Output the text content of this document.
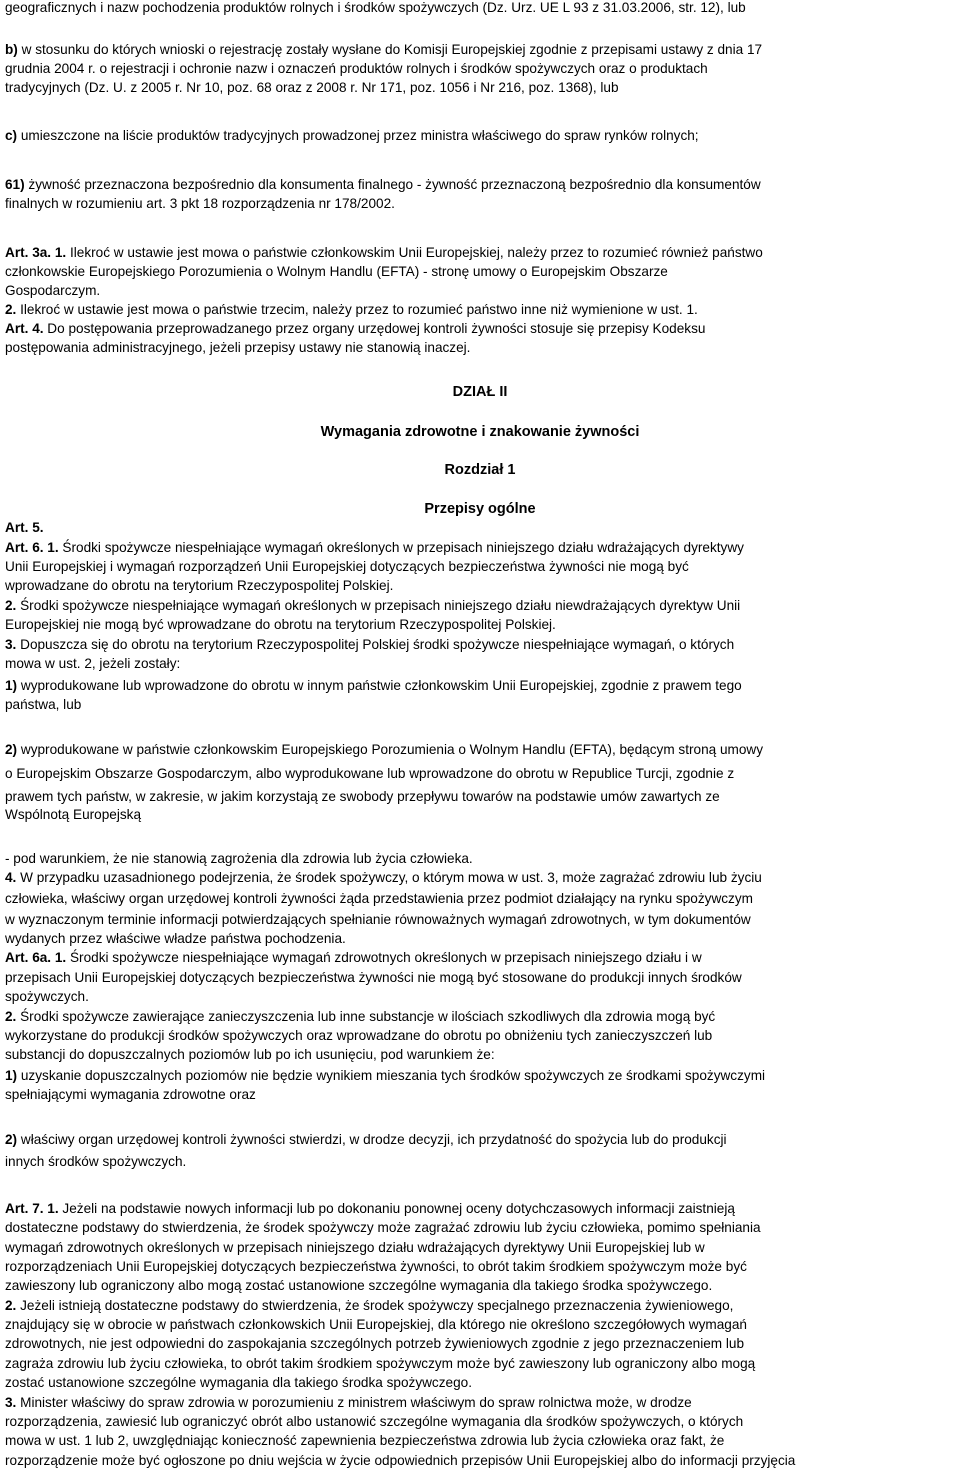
geograficznych i nazw pochodzenia produktów rolnych i środków spożywczych (Dz. Urz. UE L 93 z 31.03.2006, str. 12), lub
b) w stosunku do których wnioski o rejestrację zostały wysłane do Komisji Europejskiej zgodnie z przepisami ustawy z dnia 17
grudnia 2004 r. o rejestracji i ochronie nazw i oznaczeń produktów rolnych i środków spożywczych oraz o produktach
tradycyjnych (Dz. U. z 2005 r. Nr 10, poz. 68 oraz z 2008 r. Nr 171, poz. 1056 i Nr 216, poz. 1368), lub
c) umieszczone na liście produktów tradycyjnych prowadzonej przez ministra właściwego do spraw rynków rolnych;
61) żywność przeznaczona bezpośrednio dla konsumenta finalnego - żywność przeznaczoną bezpośrednio dla konsumentów
finalnych w rozumieniu art. 3 pkt 18 rozporządzenia nr 178/2002.
Art. 3a. 1. Ilekroć w ustawie jest mowa o państwie członkowskim Unii Europejskiej, należy przez to rozumieć również państwo
członkowskie Europejskiego Porozumienia o Wolnym Handlu (EFTA) - stronę umowy o Europejskim Obszarze
Gospodarczym.
2. Ilekroć w ustawie jest mowa o państwie trzecim, należy przez to rozumieć państwo inne niż wymienione w ust. 1.
Art. 4. Do postępowania przeprowadzanego przez organy urzędowej kontroli żywności stosuje się przepisy Kodeksu
postępowania administracyjnego, jeżeli przepisy ustawy nie stanowią inaczej.
DZIAŁ II
Wymagania zdrowotne i znakowanie żywności
Rozdział 1
Przepisy ogólne
Art. 5.
Art. 6. 1. Środki spożywcze niespełniające wymagań określonych w przepisach niniejszego działu wdrażających dyrektywy
Unii Europejskiej i wymagań rozporządzeń Unii Europejskiej dotyczących bezpieczeństwa żywności nie mogą być
wprowadzane do obrotu na terytorium Rzeczypospolitej Polskiej.
2. Środki spożywcze niespełniające wymagań określonych w przepisach niniejszego działu niewdrażających dyrektyw Unii
Europejskiej nie mogą być wprowadzane do obrotu na terytorium Rzeczypospolitej Polskiej.
3. Dopuszcza się do obrotu na terytorium Rzeczypospolitej Polskiej środki spożywcze niespełniające wymagań, o których
mowa w ust. 2, jeżeli zostały:
1) wyprodukowane lub wprowadzone do obrotu w innym państwie członkowskim Unii Europejskiej, zgodnie z prawem tego
państwa, lub
2) wyprodukowane w państwie członkowskim Europejskiego Porozumienia o Wolnym Handlu (EFTA), będącym stroną umowy
o Europejskim Obszarze Gospodarczym, albo wyprodukowane lub wprowadzone do obrotu w Republice Turcji, zgodnie z
prawem tych państw, w zakresie, w jakim korzystają ze swobody przepływu towarów na podstawie umów zawartych ze
Wspólnotą Europejską
- pod warunkiem, że nie stanowią zagrożenia dla zdrowia lub życia człowieka.
4. W przypadku uzasadnionego podejrzenia, że środek spożywczy, o którym mowa w ust. 3, może zagrażać zdrowiu lub życiu
człowieka, właściwy organ urzędowej kontroli żywności żąda przedstawienia przez podmiot działający na rynku spożywczym
w wyznaczonym terminie informacji potwierdzających spełnianie równoważnych wymagań zdrowotnych, w tym dokumentów
wydanych przez właściwe władze państwa pochodzenia.
Art. 6a. 1. Środki spożywcze niespełniające wymagań zdrowotnych określonych w przepisach niniejszego działu i w
przepisach Unii Europejskiej dotyczących bezpieczeństwa żywności nie mogą być stosowane do produkcji innych środków
spożywczych.
2. Środki spożywcze zawierające zanieczyszczenia lub inne substancje w ilościach szkodliwych dla zdrowia mogą być
wykorzystane do produkcji środków spożywczych oraz wprowadzane do obrotu po obniżeniu tych zanieczyszczeń lub
substancji do dopuszczalnych poziomów lub po ich usunięciu, pod warunkiem że:
1) uzyskanie dopuszczalnych poziomów nie będzie wynikiem mieszania tych środków spożywczych ze środkami spożywczymi
spełniającymi wymagania zdrowotne oraz
2) właściwy organ urzędowej kontroli żywności stwierdzi, w drodze decyzji, ich przydatność do spożycia lub do produkcji
innych środków spożywczych.
Art. 7. 1. Jeżeli na podstawie nowych informacji lub po dokonaniu ponownej oceny dotychczasowych informacji zaistnieją
dostateczne podstawy do stwierdzenia, że środek spożywczy może zagrażać zdrowiu lub życiu człowieka, pomimo spełniania
wymagań zdrowotnych określonych w przepisach niniejszego działu wdrażających dyrektywy Unii Europejskiej lub w
rozporządzeniach Unii Europejskiej dotyczących bezpieczeństwa żywności, to obrót takim środkiem spożywczym może być
zawieszony lub ograniczony albo mogą zostać ustanowione szczególne wymagania dla takiego środka spożywczego.
2. Jeżeli istnieją dostateczne podstawy do stwierdzenia, że środek spożywczy specjalnego przeznaczenia żywieniowego,
znajdujący się w obrocie w państwach członkowskich Unii Europejskiej, dla którego nie określono szczegółowych wymagań
zdrowotnych, nie jest odpowiedni do zaspokajania szczególnych potrzeb żywieniowych zgodnie z jego przeznaczeniem lub
zagraża zdrowiu lub życiu człowieka, to obrót takim środkiem spożywczym może być zawieszony lub ograniczony albo mogą
zostać ustanowione szczególne wymagania dla takiego środka spożywczego.
3. Minister właściwy do spraw zdrowia w porozumieniu z ministrem właściwym do spraw rolnictwa może, w drodze
rozporządzenia, zawiesić lub ograniczyć obrót albo ustanowić szczególne wymagania dla środków spożywczych, o których
mowa w ust. 1 lub 2, uwzględniając konieczność zapewnienia bezpieczeństwa zdrowia lub życia człowieka oraz fakt, że
rozporządzenie może być ogłoszone po dniu wejścia w życie odpowiednich przepisów Unii Europejskiej albo do informacji przyjęcia
